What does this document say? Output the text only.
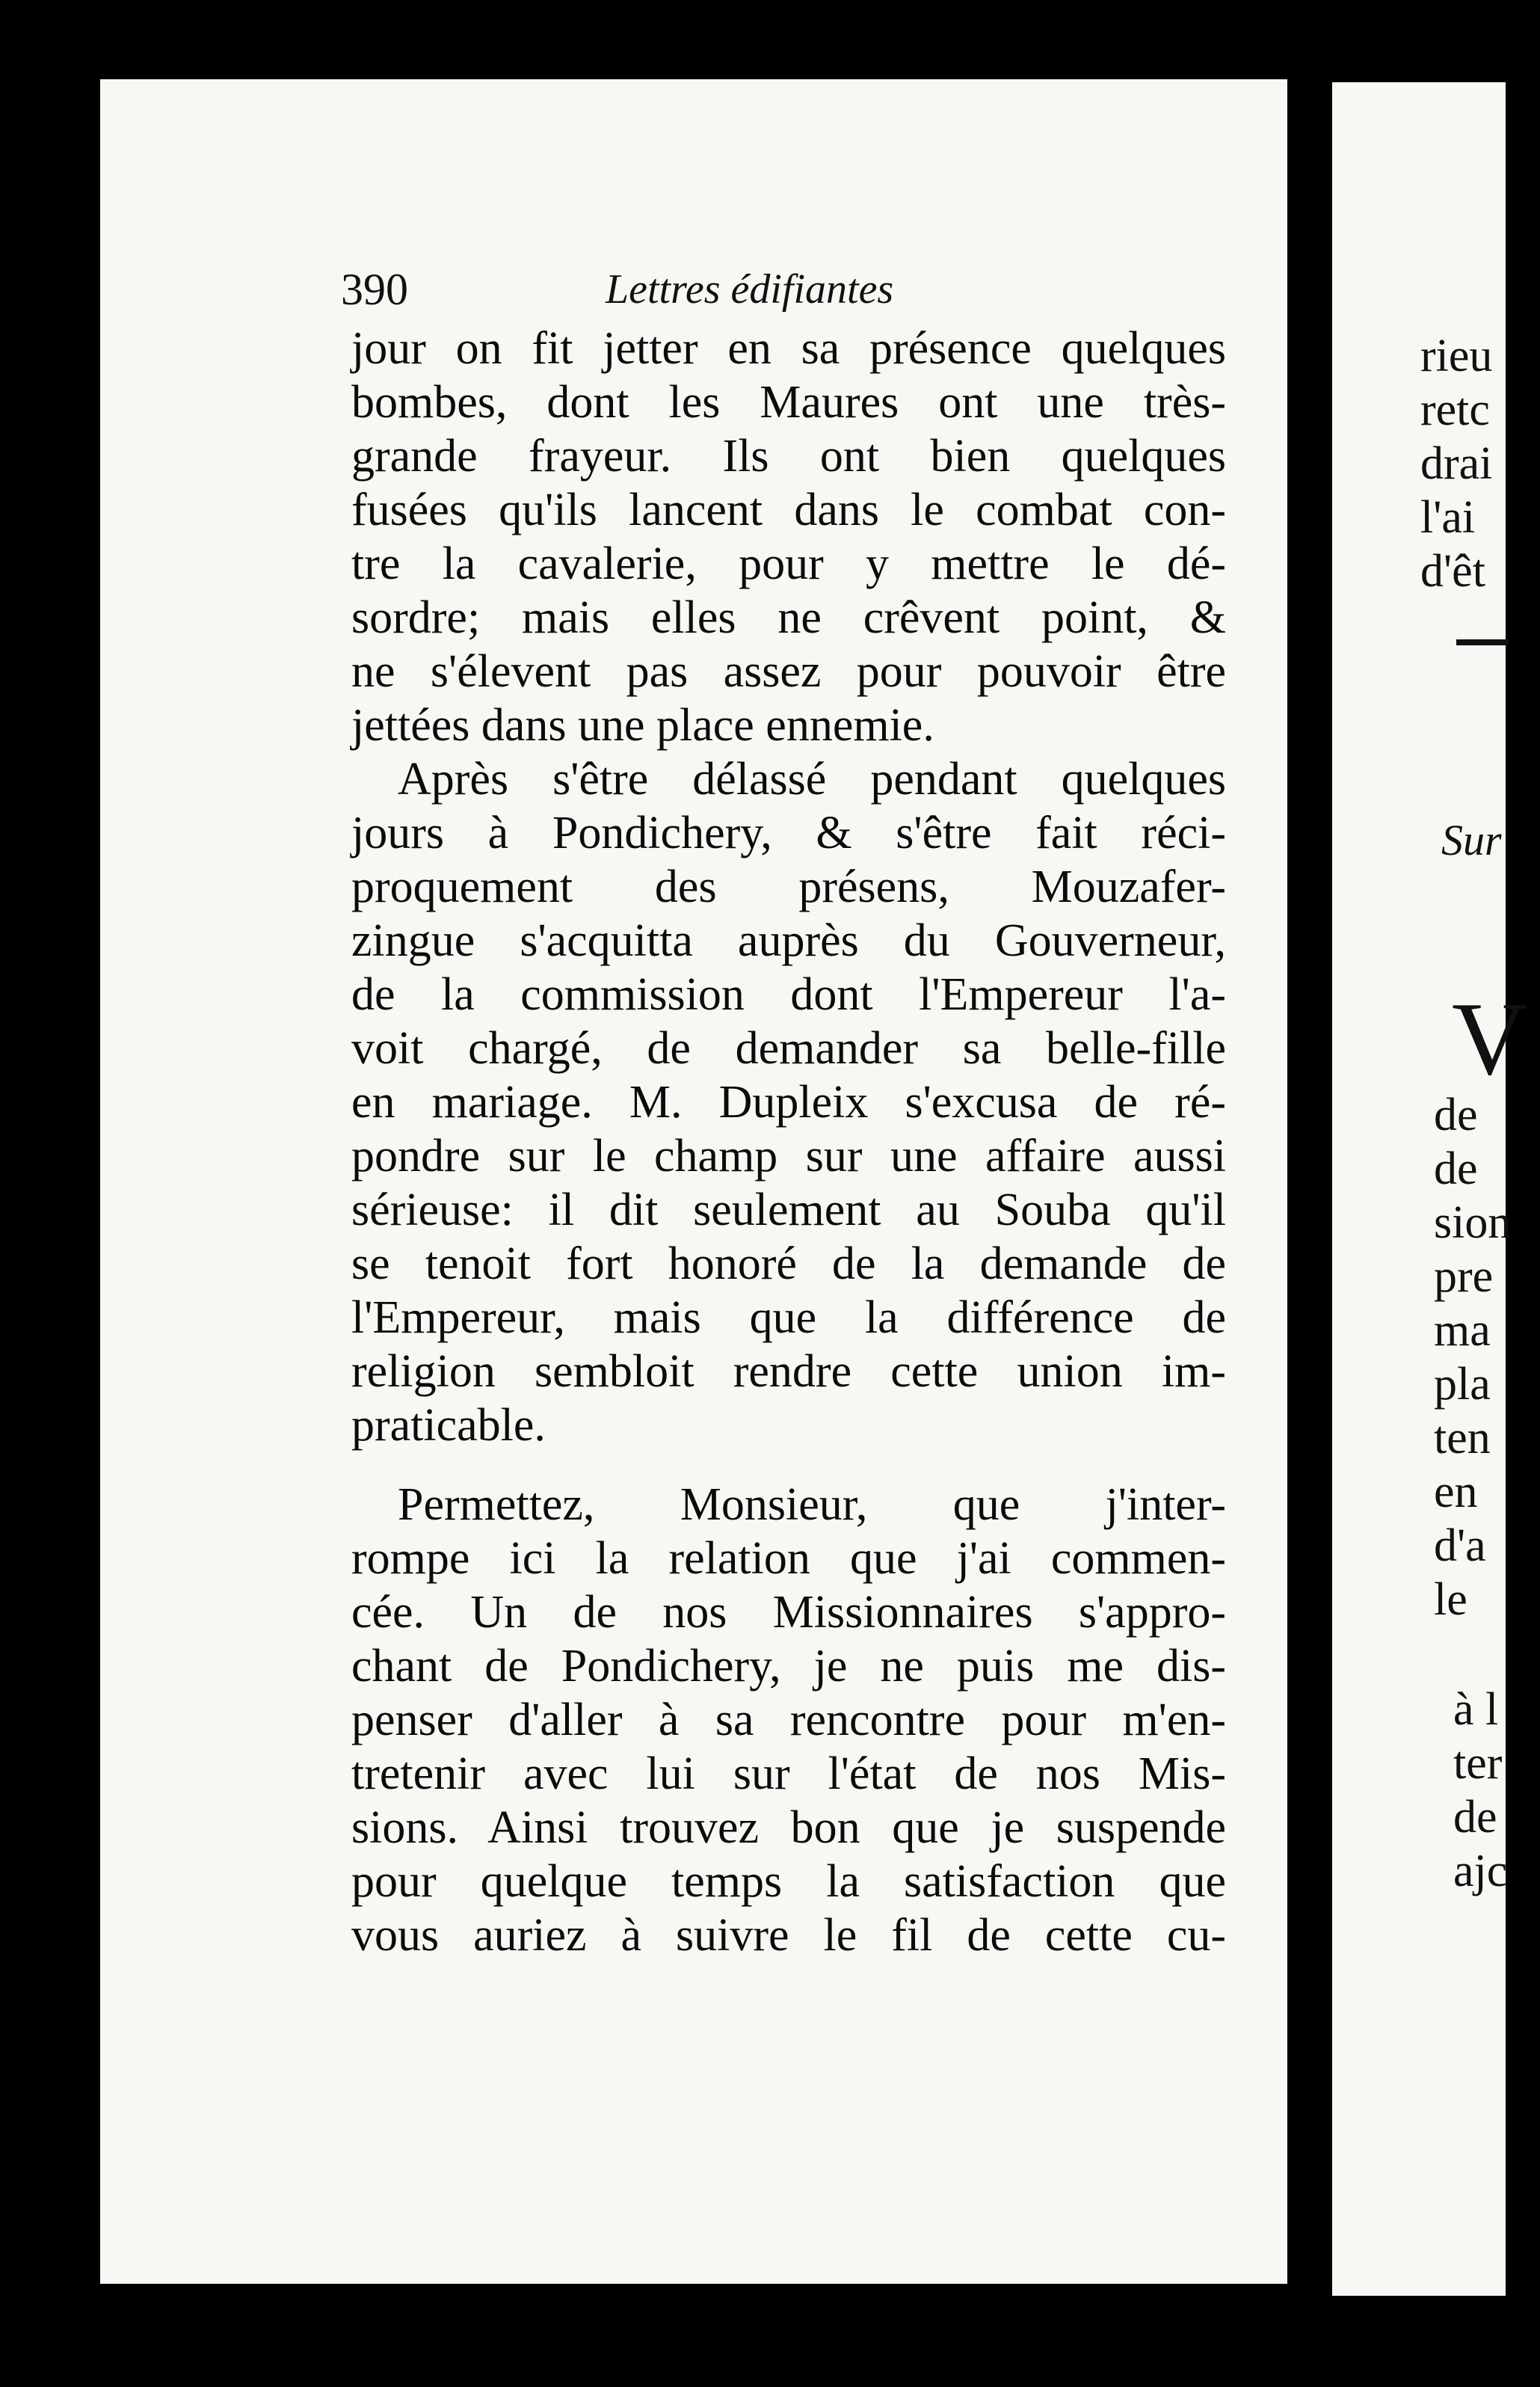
390	Lettres édifiantes
jour on fit jetter en sa présence quelques
bombes, dont les Maures ont une très-
grande frayeur. Ils ont bien quelques
fusées qu'ils lancent dans le combat con-
tre la cavalerie, pour y mettre le dé-
sordre; mais elles ne crêvent point, &
ne s'élevent pas assez pour pouvoir être
jettées dans une place ennemie.
Après s'être délassé pendant quelques
jours à Pondichery, & s'être fait réci-
proquement des présens, Mouzafer-
zingue s'acquitta auprès du Gouverneur,
de la commission dont l'Empereur l'a-
voit chargé, de demander sa belle-fille
en mariage. M. Dupleix s'excusa de ré-
pondre sur le champ sur une affaire aussi
sérieuse: il dit seulement au Souba qu'il
se tenoit fort honoré de la demande de
l'Empereur, mais que la différence de
religion sembloit rendre cette union im-
praticable.
Permettez, Monsieur, que j'inter-
rompe ici la relation que j'ai commen-
cée. Un de nos Missionnaires s'appro-
chant de Pondichery, je ne puis me dis-
penser d'aller à sa rencontre pour m'en-
tretenir avec lui sur l'état de nos Mis-
sions. Ainsi trouvez bon que je suspende
pour quelque temps la satisfaction que
vous auriez à suivre le fil de cette cu-
rieu
retc
drai
l'ai
d'êt
Sur
V
de
de
sion
pre
ma
pla
ten
en
d'a
le
à l
ter
de
ajc
